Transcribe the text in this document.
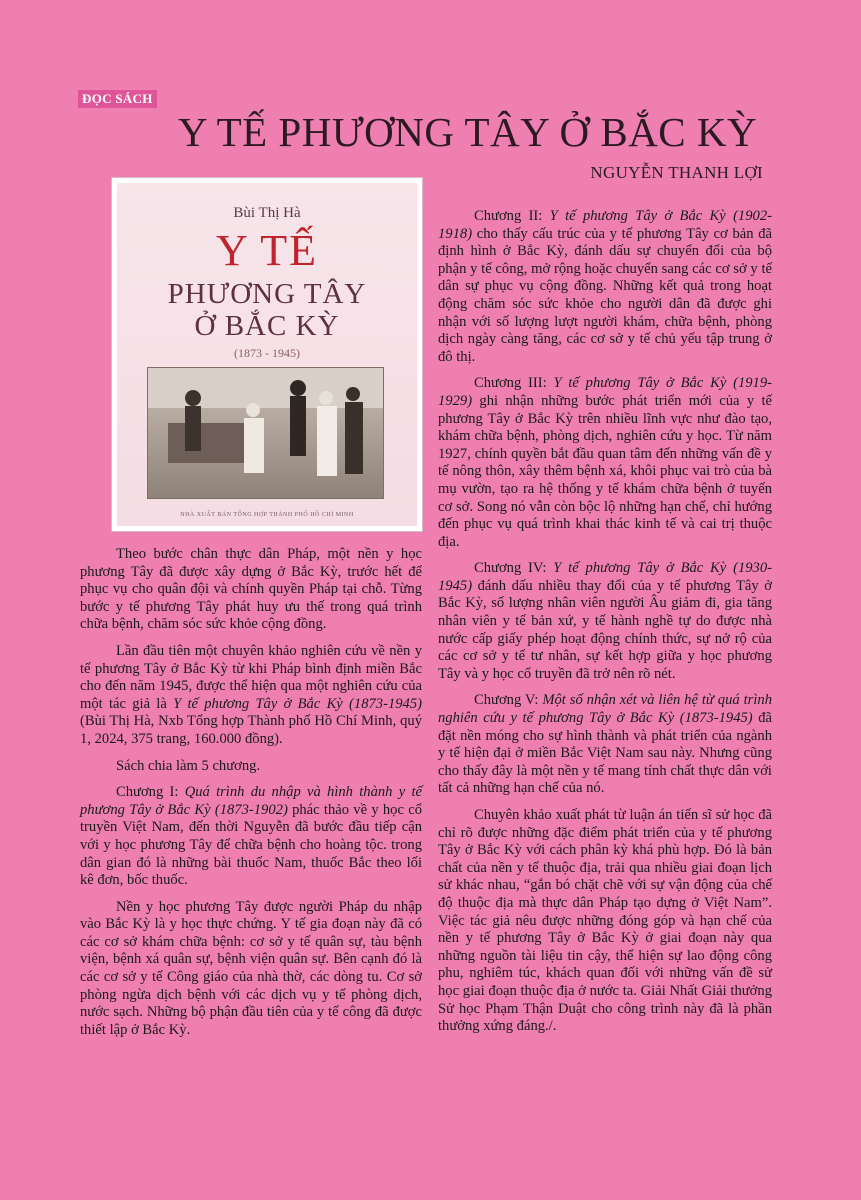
ĐỌC SÁCH
Y TẾ PHƯƠNG TÂY Ở BẮC KỲ
NGUYỄN THANH LỢI
Bùi Thị Hà
Y TẾ
PHƯƠNG TÂY
Ở BẮC KỲ
(1873 - 1945)
NHÀ XUẤT BẢN TỔNG HỢP THÀNH PHỐ HỒ CHÍ MINH

Theo bước chân thực dân Pháp, một nền y học phương Tây đã được xây dựng ở Bắc Kỳ, trước hết để phục vụ cho quân đội và chính quyền Pháp tại chỗ. Từng bước y tế phương Tây phát huy ưu thế trong quá trình chữa bệnh, chăm sóc sức khỏe cộng đồng.

Lần đầu tiên một chuyên khảo nghiên cứu về nền y tế phương Tây ở Bắc Kỳ từ khi Pháp bình định miền Bắc cho đến năm 1945, được thể hiện qua một nghiên cứu của một tác giả là Y tế phương Tây ở Bắc Kỳ (1873-1945) (Bùi Thị Hà, Nxb Tổng hợp Thành phố Hồ Chí Minh, quý 1, 2024, 375 trang, 160.000 đồng).

Sách chia làm 5 chương.

Chương I: Quá trình du nhập và hình thành y tế phương Tây ở Bắc Kỳ (1873-1902) phác thảo về y học cổ truyền Việt Nam, đến thời Nguyễn đã bước đầu tiếp cận với y học phương Tây để chữa bệnh cho hoàng tộc. trong dân gian đó là những bài thuốc Nam, thuốc Bắc theo lối kê đơn, bốc thuốc.

Nền y học phương Tây được người Pháp du nhập vào Bắc Kỳ là y học thực chứng. Y tế gia đoạn này đã có các cơ sở khám chữa bệnh: cơ sở y tế quân sự, tàu bệnh viện, bệnh xá quân sự, bệnh viện quân sự. Bên cạnh đó là các cơ sở y tế Công giáo của nhà thờ, các dòng tu. Cơ sở phòng ngừa dịch bệnh với các dịch vụ y tế phòng dịch, nước sạch. Những bộ phận đầu tiên của y tế công đã được thiết lập ở Bắc Kỳ.

Chương II: Y tế phương Tây ở Bắc Kỳ (1902-1918) cho thấy cấu trúc của y tế phương Tây cơ bản đã định hình ở Bắc Kỳ, đánh dấu sự chuyển đổi của bộ phận y tế công, mở rộng hoặc chuyển sang các cơ sở y tế dân sự phục vụ cộng đồng. Những kết quả trong hoạt động chăm sóc sức khỏe cho người dân đã được ghi nhận với số lượng lượt người khám, chữa bệnh, phòng dịch ngày càng tăng, các cơ sở y tế chủ yếu tập trung ở đô thị.

Chương III: Y tế phương Tây ở Bắc Kỳ (1919-1929) ghi nhận những bước phát triển mới của y tế phương Tây ở Bắc Kỳ trên nhiều lĩnh vực như đào tạo, khám chữa bệnh, phòng dịch, nghiên cứu y học. Từ năm 1927, chính quyền bắt đầu quan tâm đến những vấn đề y tế nông thôn, xây thêm bệnh xá, khôi phục vai trò của bà mụ vườn, tạo ra hệ thống y tế khám chữa bệnh ở tuyến cơ sở. Song nó vẫn còn bộc lộ những hạn chế, chỉ hướng đến phục vụ quá trình khai thác kinh tế và cai trị thuộc địa.

Chương IV: Y tế phương Tây ở Bắc Kỳ (1930-1945) đánh dấu nhiều thay đổi của y tế phương Tây ở Bắc Kỳ, số lượng nhân viên người Âu giảm đi, gia tăng nhân viên y tế bản xứ, y tế hành nghề tự do được nhà nước cấp giấy phép hoạt động chính thức, sự nở rộ của các cơ sở y tế tư nhân, sự kết hợp giữa y học phương Tây và y học cổ truyền đã trở nên rõ nét.

Chương V: Một số nhận xét và liên hệ từ quá trình nghiên cứu y tế phương Tây ở Bắc Kỳ (1873-1945) đã đặt nền móng cho sự hình thành và phát triển của ngành y tế hiện đại ở miền Bắc Việt Nam sau này. Nhưng cũng cho thấy đây là một nền y tế mang tính chất thực dân với tất cả những hạn chế của nó.

Chuyên khảo xuất phát từ luận án tiến sĩ sử học đã chỉ rõ được những đặc điểm phát triển của y tế phương Tây ở Bắc Kỳ với cách phân kỳ khá phù hợp. Đó là bản chất của nền y tế thuộc địa, trải qua nhiều giai đoạn lịch sử khác nhau, “gắn bó chặt chẽ với sự vận động của chế độ thuộc địa mà thực dân Pháp tạo dựng ở Việt Nam”. Việc tác giả nêu được những đóng góp và hạn chế của nền y tế phương Tây ở Bắc Kỳ ở giai đoạn này qua những nguồn tài liệu tin cậy, thể hiện sự lao động công phu, nghiêm túc, khách quan đối với những vấn đề sử học giai đoạn thuộc địa ở nước ta. Giải Nhất Giải thưởng Sử học Phạm Thận Duật cho công trình này đã là phần thưởng xứng đáng./.
